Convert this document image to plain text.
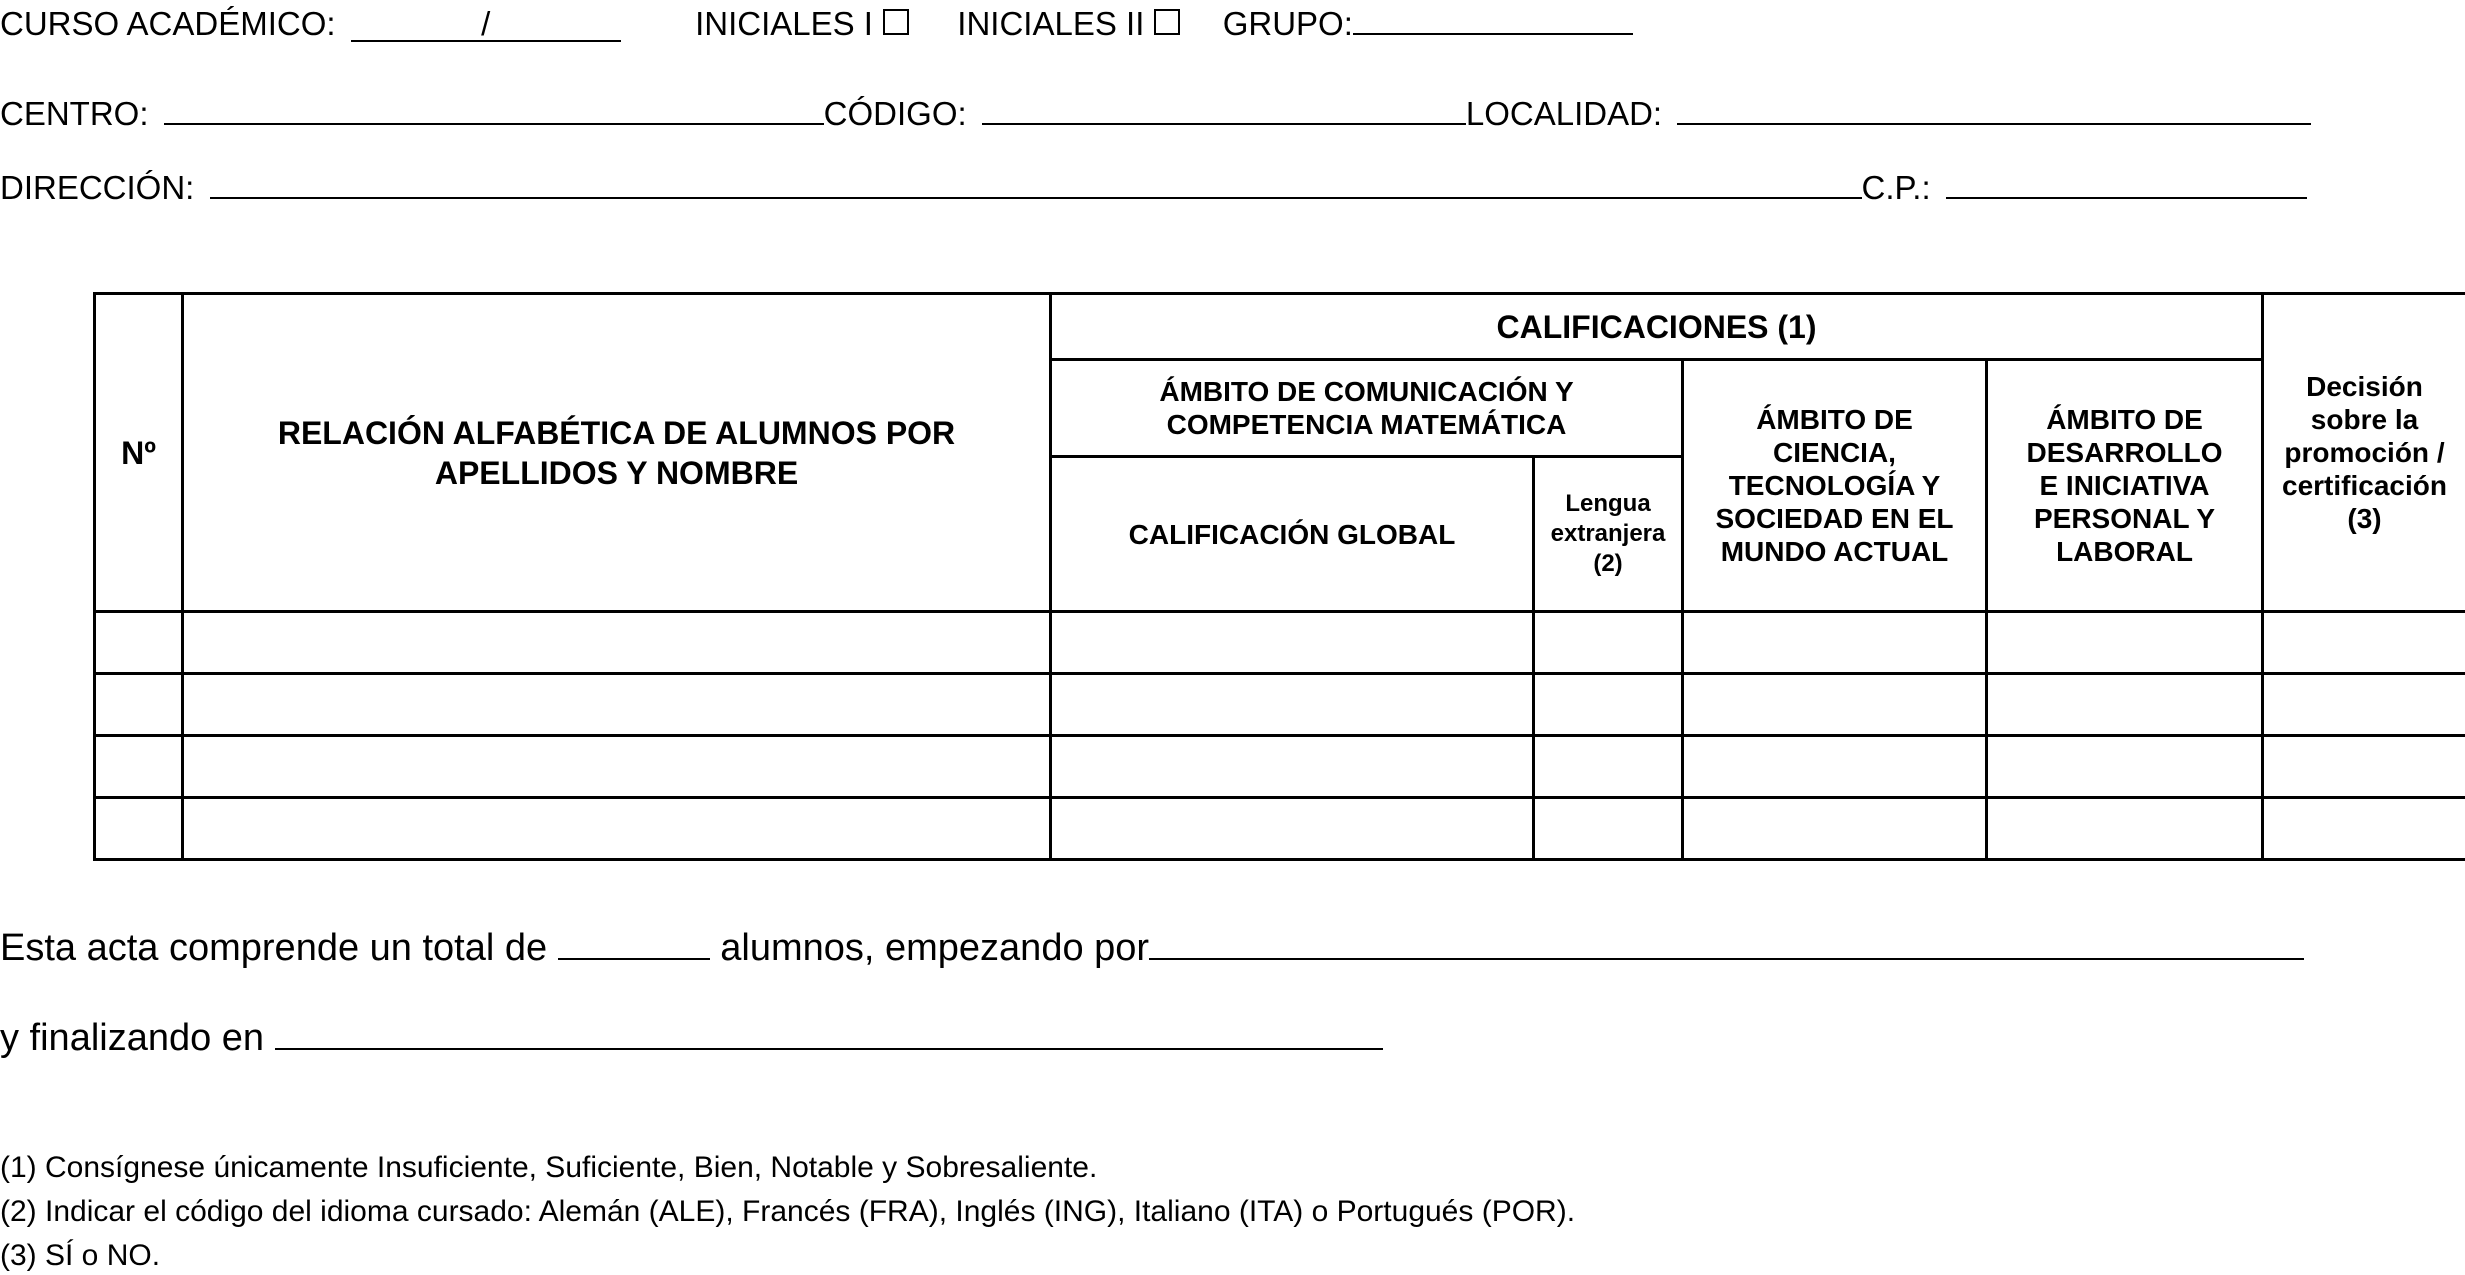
CURSO ACADÉMICO:	/	INICIALES I	INICIALES II GRUPO:
CENTRO:	CÓDIGO:	LOCALIDAD:
DIRECCIÓN:	C.P.:
Nº	RELACIÓN ALFABÉTICA DE ALUMNOS POR APELLIDOS Y NOMBRE	CALIFICACIONES (1)				Decisión sobre la promoción / certificación (3)
		ÁMBITO DE COMUNICACIÓN Y COMPETENCIA MATEMÁTICA		ÁMBITO DE CIENCIA, TECNOLOGÍA Y SOCIEDAD EN EL MUNDO ACTUAL	ÁMBITO DE DESARROLLO E INICIATIVA PERSONAL Y LABORAL	
		CALIFICACIÓN GLOBAL	Lengua extranjera (2)			

Esta acta comprende un total de	alumnos, empezando por
y finalizando en
(1) Consígnese únicamente Insuficiente, Suficiente, Bien, Notable y Sobresaliente.
(2) Indicar el código del idioma cursado: Alemán (ALE), Francés (FRA), Inglés (ING), Italiano (ITA) o Portugués (POR).
(3) SÍ o NO.
